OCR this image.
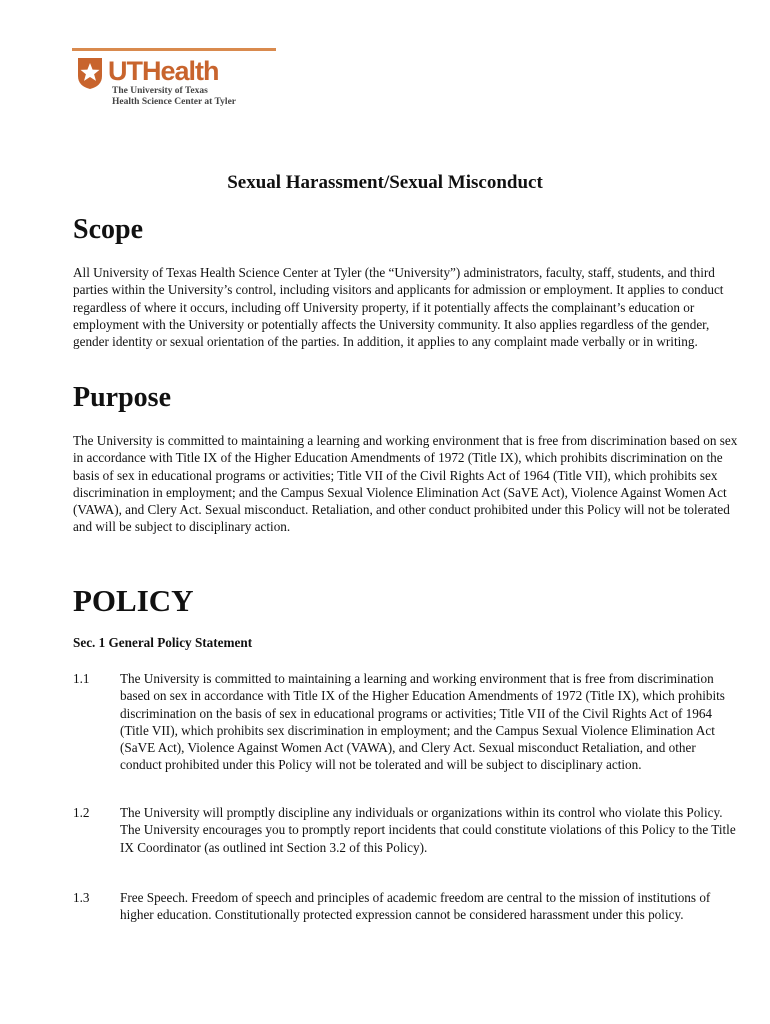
UTHealth
The University of Texas
Health Science Center at Tyler
Sexual Harassment/Sexual Misconduct
Scope

All University of Texas Health Science Center at Tyler (the “University”) administrators, faculty, staff, students, and third parties within the University’s control, including visitors and applicants for admission or employment. It applies to conduct regardless of where it occurs, including off University property, if it potentially affects the complainant’s education or employment with the University or potentially affects the University community. It also applies regardless of the gender, gender identity or sexual orientation of the parties. In addition, it applies to any complaint made verbally or in writing.

Purpose

The University is committed to maintaining a learning and working environment that is free from discrimination based on sex in accordance with Title IX of the Higher Education Amendments of 1972 (Title IX), which prohibits discrimination on the basis of sex in educational programs or activities; Title VII of the Civil Rights Act of 1964 (Title VII), which prohibits sex discrimination in employment; and the Campus Sexual Violence Elimination Act (SaVE Act), Violence Against Women Act (VAWA), and Clery Act. Sexual misconduct. Retaliation, and other conduct prohibited under this Policy will not be tolerated and will be subject to disciplinary action.

POLICY
Sec. 1 General Policy Statement
1.1 The University is committed to maintaining a learning and working environment that is free from discrimination based on sex in accordance with Title IX of the Higher Education Amendments of 1972 (Title IX), which prohibits discrimination on the basis of sex in educational programs or activities; Title VII of the Civil Rights Act of 1964 (Title VII), which prohibits sex discrimination in employment; and the Campus Sexual Violence Elimination Act (SaVE Act), Violence Against Women Act (VAWA), and Clery Act. Sexual misconduct Retaliation, and other conduct prohibited under this Policy will not be tolerated and will be subject to disciplinary action.

1.2 The University will promptly discipline any individuals or organizations within its control who violate this Policy. The University encourages you to promptly report incidents that could constitute violations of this Policy to the Title IX Coordinator (as outlined int Section 3.2 of this Policy).

1.3 Free Speech. Freedom of speech and principles of academic freedom are central to the mission of institutions of higher education. Constitutionally protected expression cannot be considered harassment under this policy.
